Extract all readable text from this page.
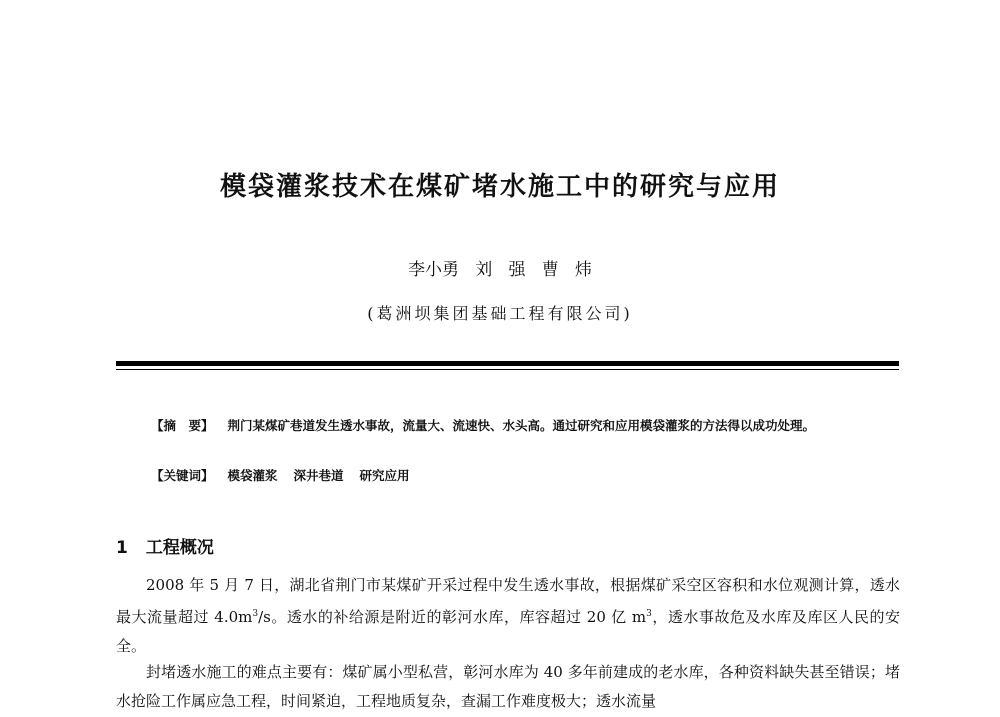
模袋灌浆技术在煤矿堵水施工中的研究与应用

李小勇   刘   强   曹   炜

(葛洲坝集团基础工程有限公司)

【摘　要】 荆门某煤矿巷道发生透水事故，流量大、流速快、水头高。通过研究和应用模袋灌浆的方法得以成功处理。

【关键词】 模袋灌浆 深井巷道 研究应用

1 工程概况

2008 年 5 月 7 日，湖北省荆门市某煤矿开采过程中发生透水事故，根据煤矿采空区容积和水位观测计算，透水最大流量超过 $4.0m^3/s$。透水的补给源是附近的彰河水库，库容超过 20 亿 $m^3$，透水事故危及水库及库区人民的安全。

封堵透水施工的难点主要有：煤矿属小型私营，彰河水库为 40 多年前建成的老水库，各种资料缺失甚至错误；堵水抢险工作属应急工程，时间紧迫，工程地质复杂，查漏工作难度极大；透水流量
